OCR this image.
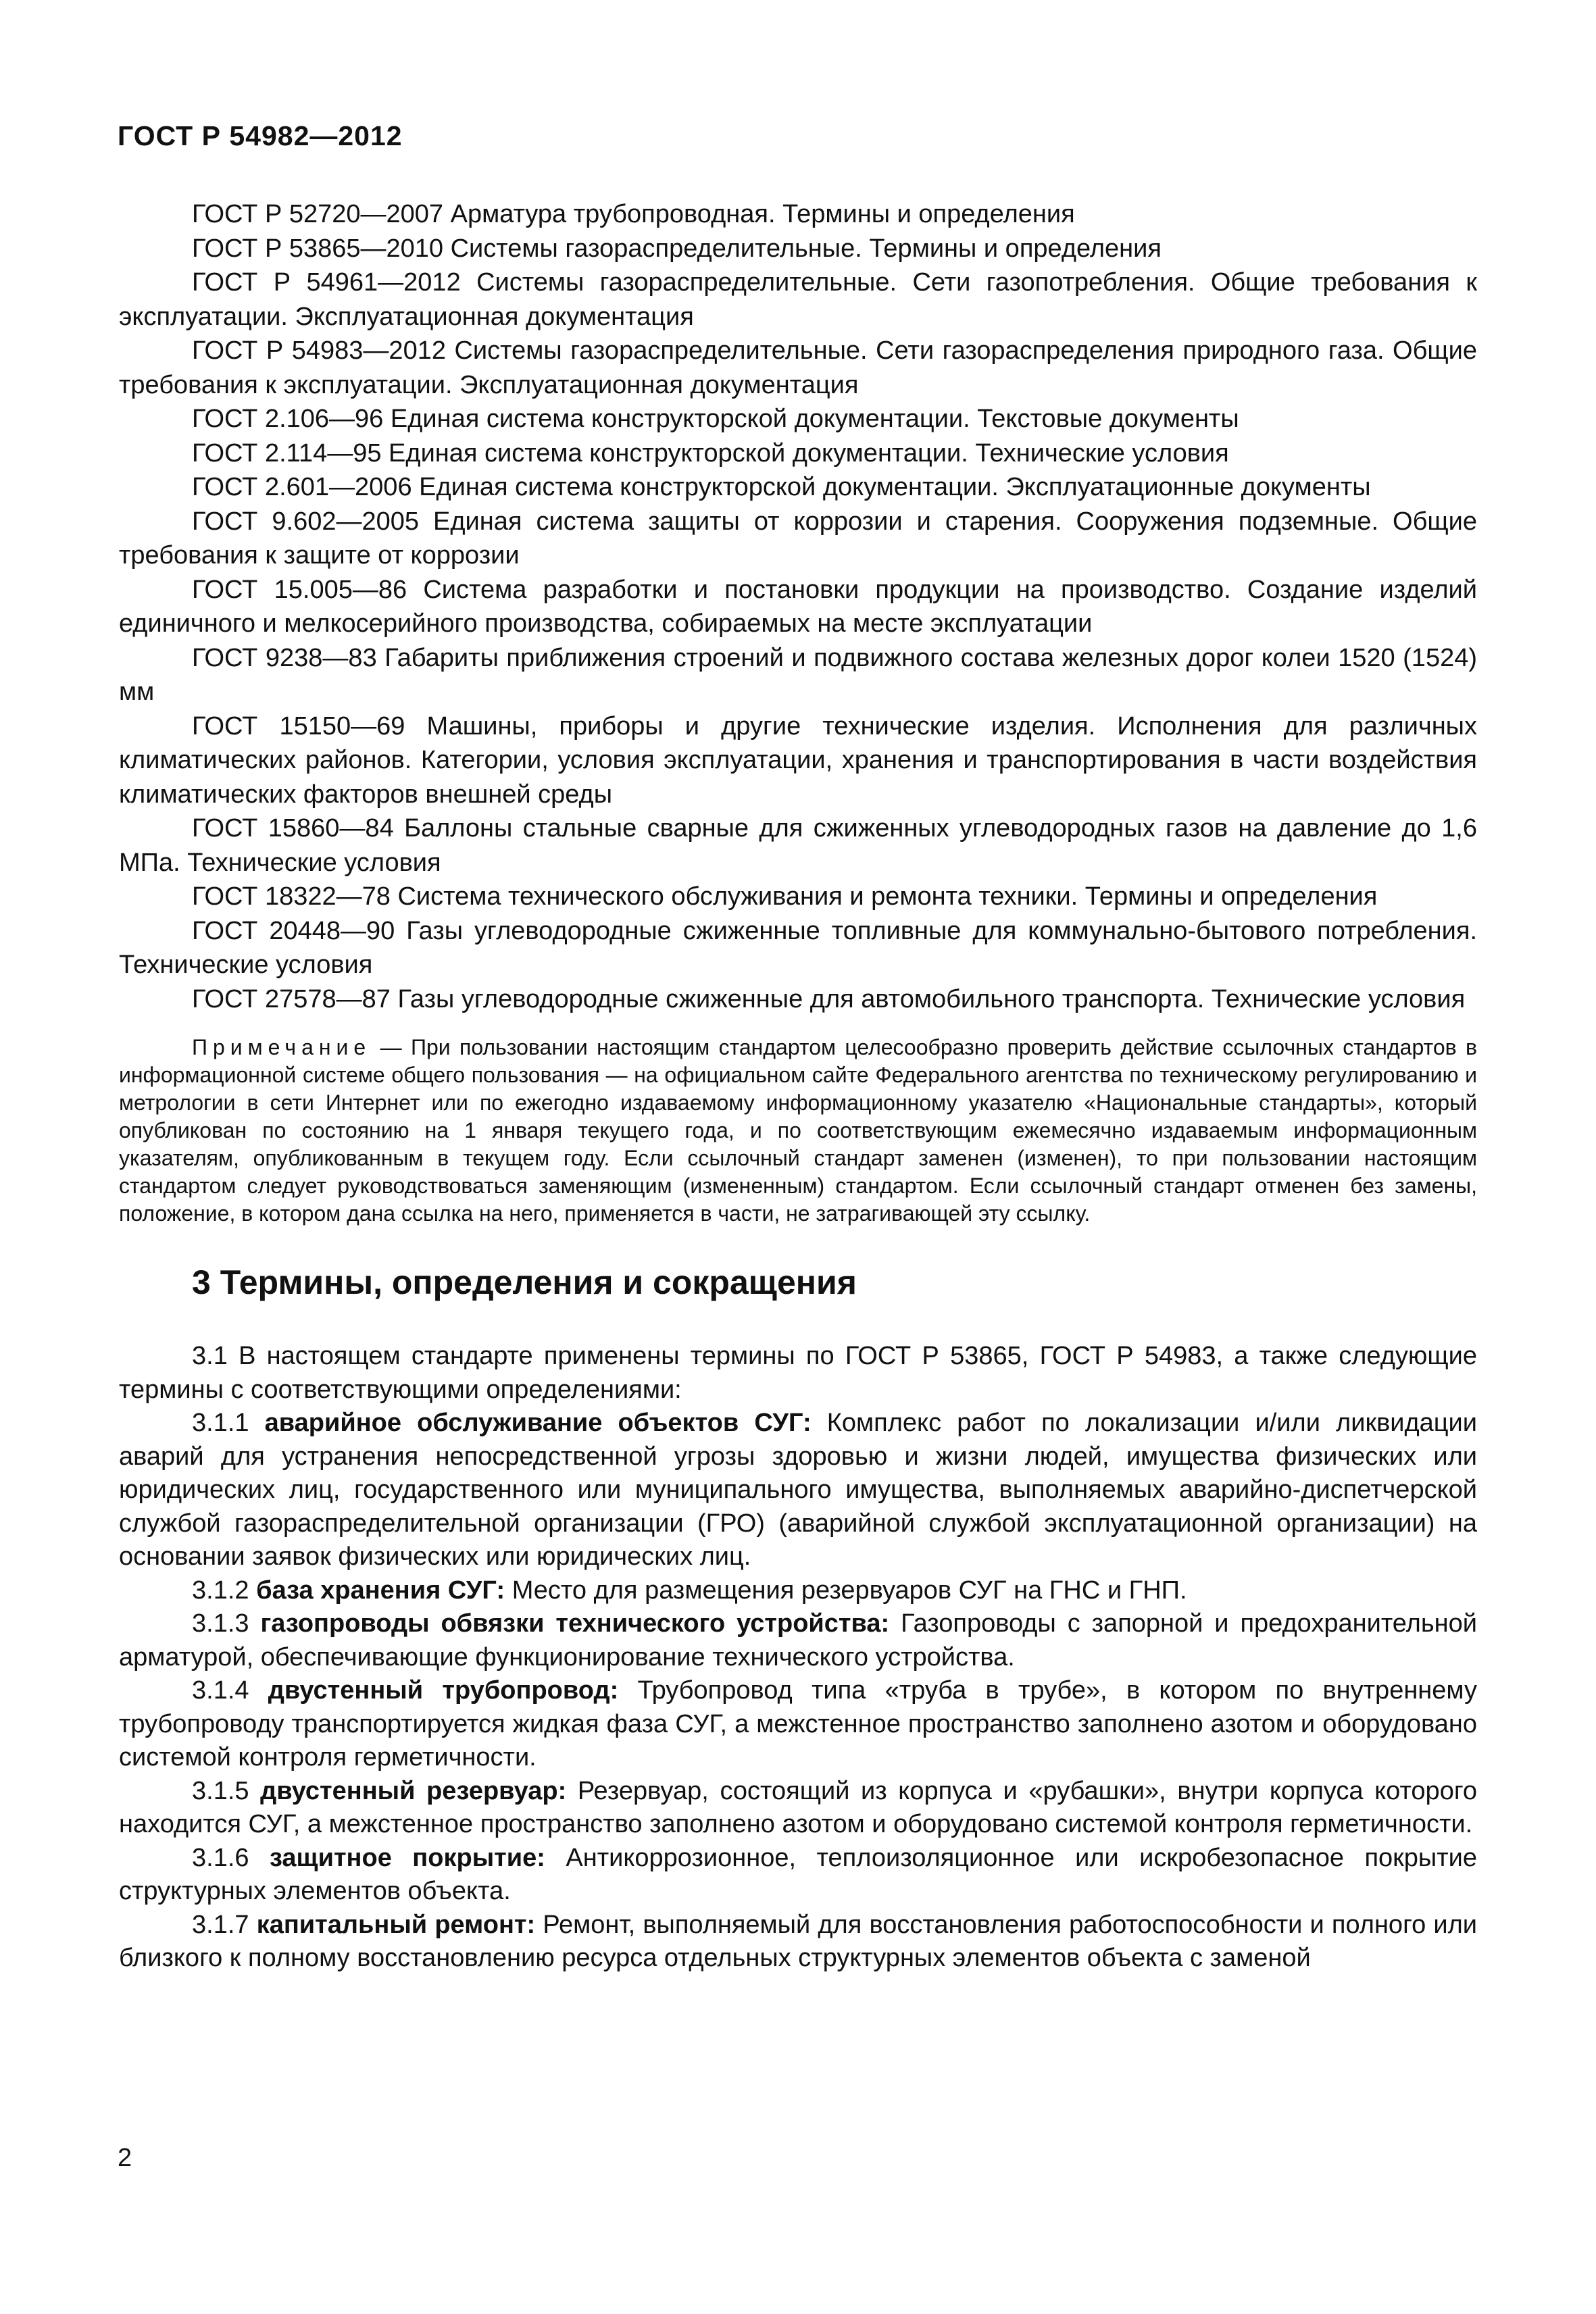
ГОСТ Р 54982—2012

ГОСТ Р 52720—2007 Арматура трубопроводная. Термины и определения

ГОСТ Р 53865—2010 Системы газораспределительные. Термины и определения

ГОСТ Р 54961—2012 Системы газораспределительные. Сети газопотребления. Общие требования к эксплуатации. Эксплуатационная документация

ГОСТ Р 54983—2012 Системы газораспределительные. Сети газораспределения природного газа. Общие требования к эксплуатации. Эксплуатационная документация

ГОСТ 2.106—96 Единая система конструкторской документации. Текстовые документы

ГОСТ 2.114—95 Единая система конструкторской документации. Технические условия

ГОСТ 2.601—2006 Единая система конструкторской документации. Эксплуатационные документы

ГОСТ 9.602—2005 Единая система защиты от коррозии и старения. Сооружения подземные. Общие требования к защите от коррозии

ГОСТ 15.005—86 Система разработки и постановки продукции на производство. Создание изделий единичного и мелкосерийного производства, собираемых на месте эксплуатации

ГОСТ 9238—83 Габариты приближения строений и подвижного состава железных дорог колеи 1520 (1524) мм

ГОСТ 15150—69 Машины, приборы и другие технические изделия. Исполнения для различных климатических районов. Категории, условия эксплуатации, хранения и транспортирования в части воздействия климатических факторов внешней среды

ГОСТ 15860—84 Баллоны стальные сварные для сжиженных углеводородных газов на давление до 1,6 МПа. Технические условия

ГОСТ 18322—78 Система технического обслуживания и ремонта техники. Термины и определения

ГОСТ 20448—90 Газы углеводородные сжиженные топливные для коммунально-бытового потребления. Технические условия

ГОСТ 27578—87 Газы углеводородные сжиженные для автомобильного транспорта. Технические условия

Примечание — При пользовании настоящим стандартом целесообразно проверить действие ссылочных стандартов в информационной системе общего пользования — на официальном сайте Федерального агентства по техническому регулированию и метрологии в сети Интернет или по ежегодно издаваемому информационному указателю «Национальные стандарты», который опубликован по состоянию на 1 января текущего года, и по соответствующим ежемесячно издаваемым информационным указателям, опубликованным в текущем году. Если ссылочный стандарт заменен (изменен), то при пользовании настоящим стандартом следует руководствоваться заменяющим (измененным) стандартом. Если ссылочный стандарт отменен без замены, положение, в котором дана ссылка на него, применяется в части, не затрагивающей эту ссылку.

3 Термины, определения и сокращения

3.1 В настоящем стандарте применены термины по ГОСТ Р 53865, ГОСТ Р 54983, а также следующие термины с соответствующими определениями:

3.1.1 аварийное обслуживание объектов СУГ: Комплекс работ по локализации и/или ликвидации аварий для устранения непосредственной угрозы здоровью и жизни людей, имущества физических или юридических лиц, государственного или муниципального имущества, выполняемых аварийно-диспетчерской службой газораспределительной организации (ГРО) (аварийной службой эксплуатационной организации) на основании заявок физических или юридических лиц.

3.1.2 база хранения СУГ: Место для размещения резервуаров СУГ на ГНС и ГНП.

3.1.3 газопроводы обвязки технического устройства: Газопроводы с запорной и предохранительной арматурой, обеспечивающие функционирование технического устройства.

3.1.4 двустенный трубопровод: Трубопровод типа «труба в трубе», в котором по внутреннему трубопроводу транспортируется жидкая фаза СУГ, а межстенное пространство заполнено азотом и оборудовано системой контроля герметичности.

3.1.5 двустенный резервуар: Резервуар, состоящий из корпуса и «рубашки», внутри корпуса которого находится СУГ, а межстенное пространство заполнено азотом и оборудовано системой контроля герметичности.

3.1.6 защитное покрытие: Антикоррозионное, теплоизоляционное или искробезопасное покрытие структурных элементов объекта.

3.1.7 капитальный ремонт: Ремонт, выполняемый для восстановления работоспособности и полного или близкого к полному восстановлению ресурса отдельных структурных элементов объекта с заменой

2
